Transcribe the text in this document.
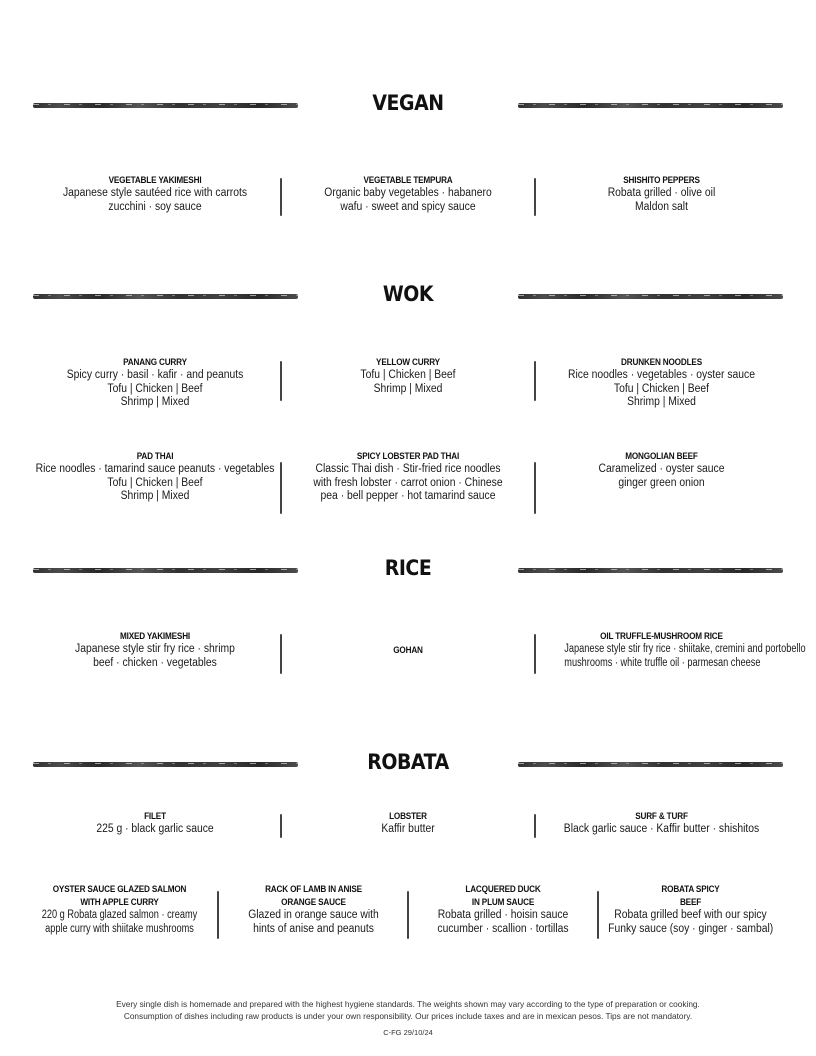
VEGAN
VEGETABLE YAKIMESHI
Japanese style sautéed rice with carrots
zucchini · soy sauce
VEGETABLE TEMPURA
Organic baby vegetables · habanero
wafu · sweet and spicy sauce
SHISHITO PEPPERS
Robata grilled · olive oil
Maldon salt
WOK
PANANG CURRY
Spicy curry · basil · kafir · and peanuts
Tofu | Chicken | Beef
Shrimp | Mixed
YELLOW CURRY
Tofu | Chicken | Beef
Shrimp | Mixed
DRUNKEN NOODLES
Rice noodles · vegetables · oyster sauce
Tofu | Chicken | Beef
Shrimp | Mixed
PAD THAI
Rice noodles · tamarind sauce peanuts · vegetables
Tofu | Chicken | Beef
Shrimp | Mixed
SPICY LOBSTER PAD THAI
Classic Thai dish · Stir-fried rice noodles
with fresh lobster · carrot onion · Chinese
pea · bell pepper · hot tamarind sauce
MONGOLIAN BEEF
Caramelized · oyster sauce
ginger green onion
RICE
MIXED YAKIMESHI
Japanese style stir fry rice · shrimp
beef · chicken · vegetables
GOHAN
OIL TRUFFLE-MUSHROOM RICE
Japanese style stir fry rice · shiitake, cremini and portobello
mushrooms · white truffle oil · parmesan cheese
ROBATA
FILET
225 g · black garlic sauce
LOBSTER
Kaffir butter
SURF & TURF
Black garlic sauce · Kaffir butter · shishitos
OYSTER SAUCE GLAZED SALMON
WITH APPLE CURRY
220 g Robata glazed salmon · creamy
apple curry with shiitake mushrooms
RACK OF LAMB IN ANISE
ORANGE SAUCE
Glazed in orange sauce with
hints of anise and peanuts
LACQUERED DUCK
IN PLUM SAUCE
Robata grilled · hoisin sauce
cucumber · scallion · tortillas
ROBATA SPICY
BEEF
Robata grilled beef with our spicy
Funky sauce (soy · ginger · sambal)
Every single dish is homemade and prepared with the highest hygiene standards. The weights shown may vary according to the type of preparation or cooking.
Consumption of dishes including raw products is under your own responsibility. Our prices include taxes and are in mexican pesos. Tips are not mandatory.
C-FG 29/10/24
